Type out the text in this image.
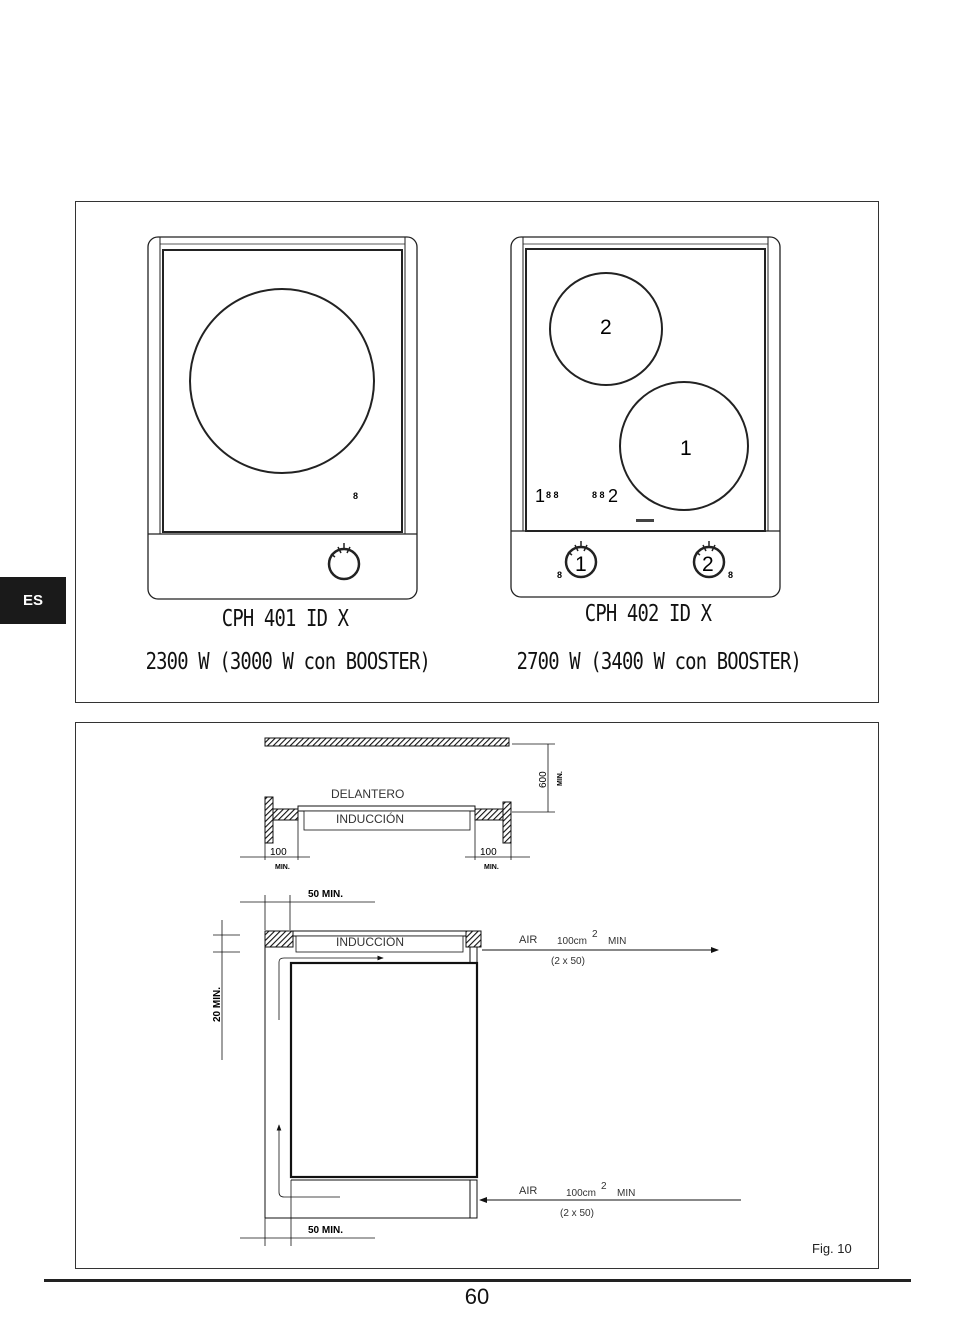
ES
8
CPH 401 ID X
2300 W (3000 W con BOOSTER)
2
1
1 8 8	8 8 2
1
8	2 8
CPH 402 ID X
2700 W (3400 W con BOOSTER)
600 MIN.
DELANTERO
INDUCCIÓN
100
MIN.
100
MIN.
50 MIN.
INDUCCIÓN
20 MIN.
AIR 100cm
2
MIN
(2 x 50)
AIR	100cm
2
MIN
(2 x 50)
50 MIN.
Fig. 10
60
